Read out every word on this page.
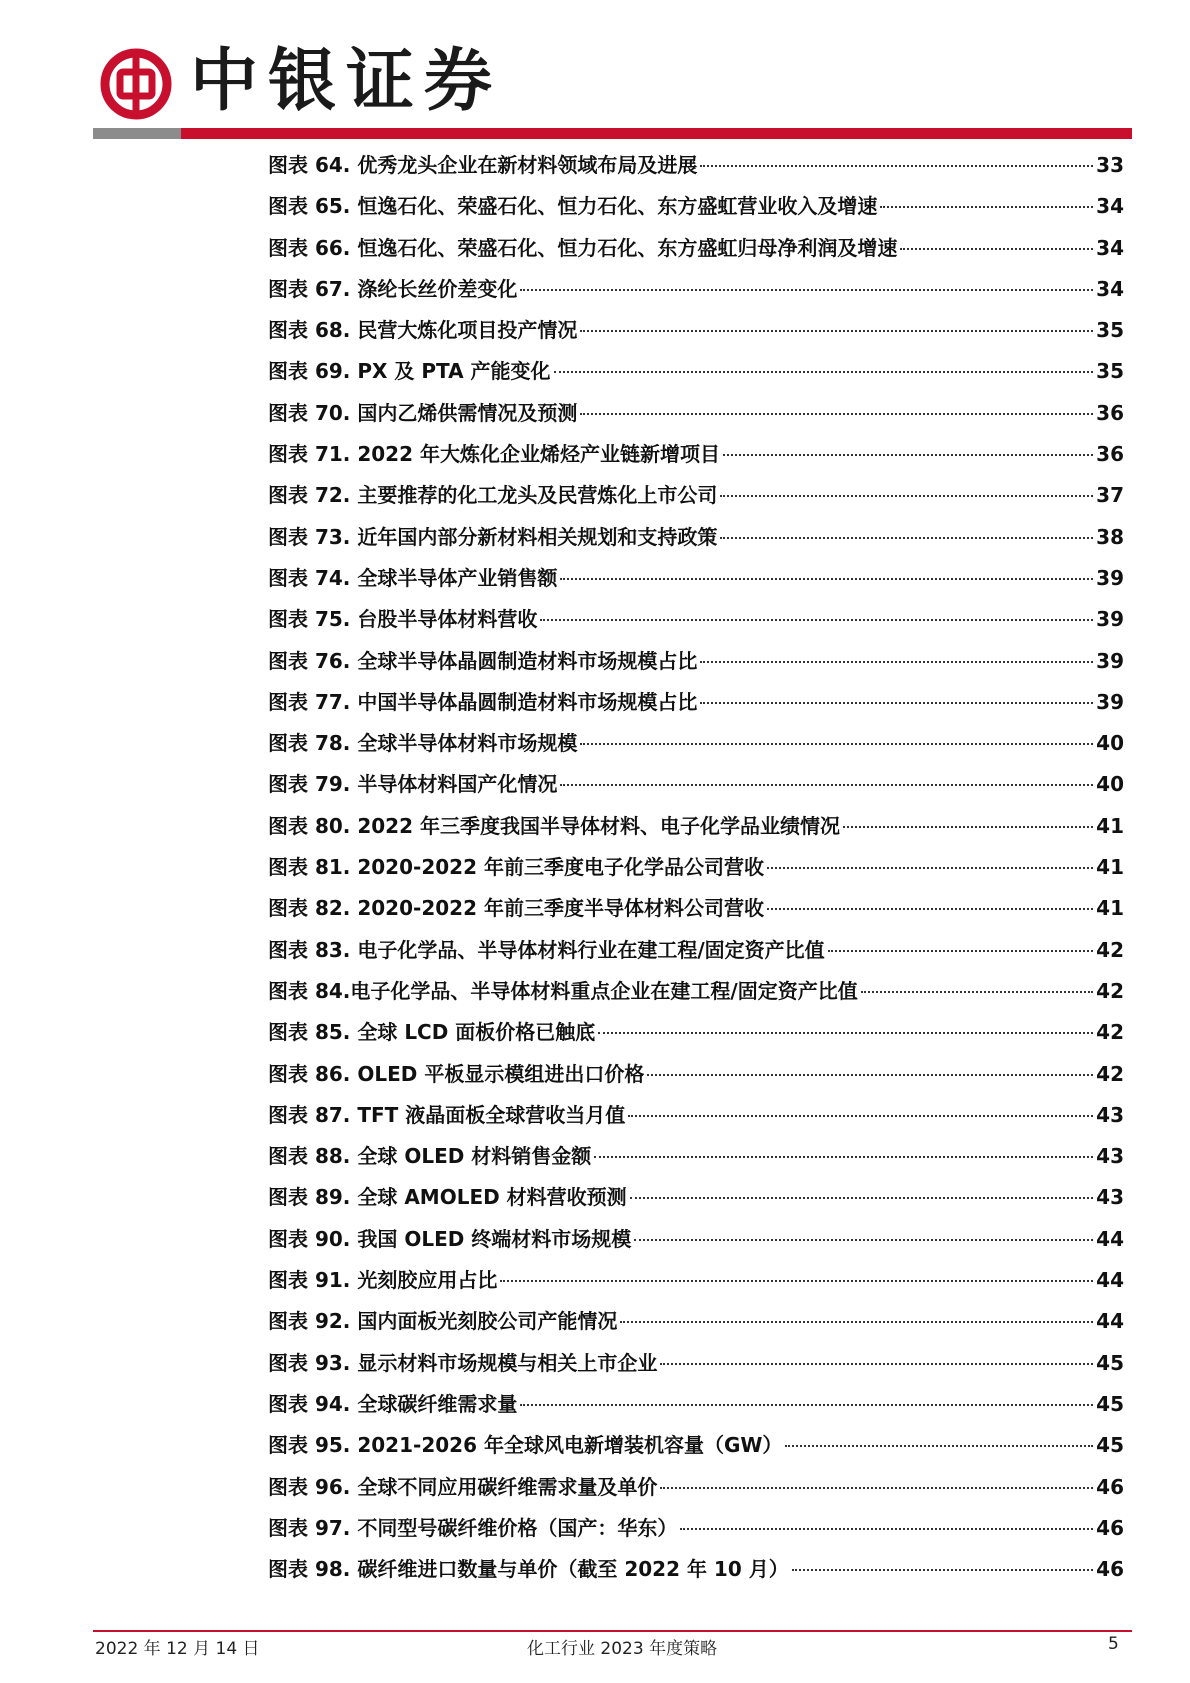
中银证券
图表 64. 优秀龙头企业在新材料领域布局及进展	33
图表 65. 恒逸石化、荣盛石化、恒力石化、东方盛虹营业收入及增速	34
图表 66. 恒逸石化、荣盛石化、恒力石化、东方盛虹归母净利润及增速	34
图表 67. 涤纶长丝价差变化	34
图表 68. 民营大炼化项目投产情况	35
图表 69. PX 及 PTA 产能变化	35
图表 70. 国内乙烯供需情况及预测	36
图表 71. 2022 年大炼化企业烯烃产业链新增项目	36
图表 72. 主要推荐的化工龙头及民营炼化上市公司	37
图表 73. 近年国内部分新材料相关规划和支持政策	38
图表 74. 全球半导体产业销售额	39
图表 75. 台股半导体材料营收	39
图表 76. 全球半导体晶圆制造材料市场规模占比	39
图表 77. 中国半导体晶圆制造材料市场规模占比	39
图表 78. 全球半导体材料市场规模	40
图表 79. 半导体材料国产化情况	40
图表 80. 2022 年三季度我国半导体材料、电子化学品业绩情况	41
图表 81. 2020-2022 年前三季度电子化学品公司营收	41
图表 82. 2020-2022 年前三季度半导体材料公司营收	41
图表 83. 电子化学品、半导体材料行业在建工程/固定资产比值	42
图表 84.电子化学品、半导体材料重点企业在建工程/固定资产比值	42
图表 85. 全球 LCD 面板价格已触底	42
图表 86. OLED 平板显示模组进出口价格	42
图表 87. TFT 液晶面板全球营收当月值	43
图表 88. 全球 OLED 材料销售金额	43
图表 89. 全球 AMOLED 材料营收预测	43
图表 90. 我国 OLED 终端材料市场规模	44
图表 91. 光刻胶应用占比	44
图表 92. 国内面板光刻胶公司产能情况	44
图表 93. 显示材料市场规模与相关上市企业	45
图表 94. 全球碳纤维需求量	45
图表 95. 2021-2026 年全球风电新增装机容量（GW）	45
图表 96. 全球不同应用碳纤维需求量及单价	46
图表 97. 不同型号碳纤维价格（国产：华东）	46
图表 98. 碳纤维进口数量与单价（截至 2022 年 10 月）	46
2022 年 12 月 14 日	化工行业 2023 年度策略	5
